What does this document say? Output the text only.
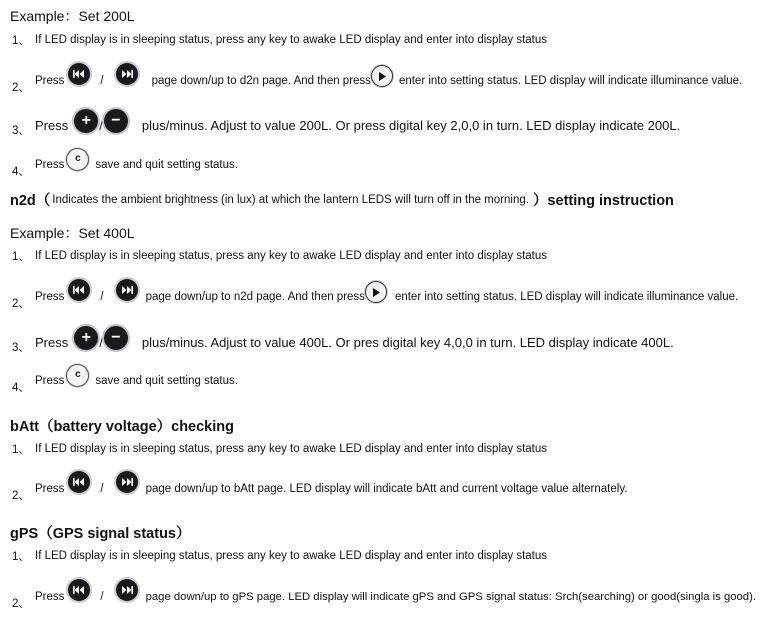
Example：Set 200L
1、 If LED display is in sleeping status, press any key to awake LED display and enter into display status
2、
Press	/	page down/up to d2n page. And then press enter into setting status. LED display will indicate illuminance value.
3、 Press + / −	plus/minus. Adjust to value 200L. Or press digital key 2,0,0 in turn. LED display indicate 200L.
4、
Press
c
save and quit setting status.
n2d（ Indicates the ambient brightness (in lux) at which the lantern LEDS will turn off in the morning. ）setting instruction
Example：Set 400L
1、 If LED display is in sleeping status, press any key to awake LED display and enter into display status
2、
Press	/	page down/up to n2d page. And then press	enter into setting status. LED display will indicate illuminance value.
3、 Press + / −	plus/minus. Adjust to value 400L. Or pres digital key 4,0,0 in turn. LED display indicate 400L.
4、
Press
c
save and quit setting status.
bAtt（battery voltage）checking
1、 If LED display is in sleeping status, press any key to awake LED display and enter into display status
2、
Press	/	page down/up to bAtt page. LED display will indicate bAtt and current voltage value alternately.
gPS（GPS signal status）
1、 If LED display is in sleeping status, press any key to awake LED display and enter into display status
2、
Press	/	page down/up to gPS page. LED display will indicate gPS and GPS signal status: Srch(searching) or good(singla is good).
